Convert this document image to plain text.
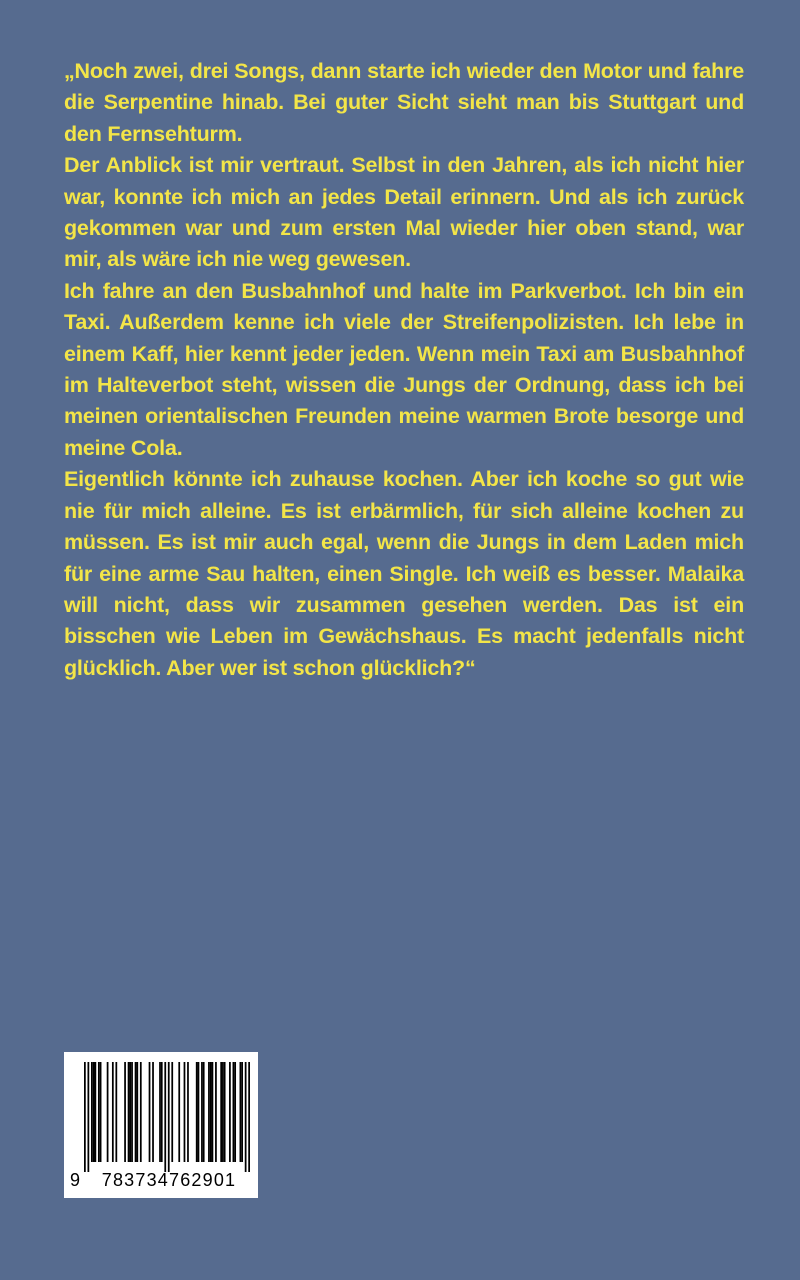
„Noch zwei, drei Songs, dann starte ich wieder den Motor und fahre die Serpentine hinab. Bei guter Sicht sieht man bis Stuttgart und den Fernsehturm.

Der Anblick ist mir vertraut. Selbst in den Jahren, als ich nicht hier war, konnte ich mich an jedes Detail erinnern. Und als ich zurück gekommen war und zum ersten Mal wieder hier oben stand, war mir, als wäre ich nie weg gewesen.

Ich fahre an den Busbahnhof und halte im Parkverbot. Ich bin ein Taxi. Außerdem kenne ich viele der Streifenpolizisten. Ich lebe in einem Kaff, hier kennt jeder jeden. Wenn mein Taxi am Busbahnhof im Halteverbot steht, wissen die Jungs der Ordnung, dass ich bei meinen orientalischen Freunden meine warmen Brote besorge und meine Cola.

Eigentlich könnte ich zuhause kochen. Aber ich koche so gut wie nie für mich alleine. Es ist erbärmlich, für sich alleine kochen zu müssen. Es ist mir auch egal, wenn die Jungs in dem Laden mich für eine arme Sau halten, einen Single. Ich weiß es besser. Malaika will nicht, dass wir zusammen gesehen werden. Das ist ein bisschen wie Leben im Gewächshaus. Es macht jedenfalls nicht glücklich. Aber wer ist schon glücklich?“

9	783734762901
